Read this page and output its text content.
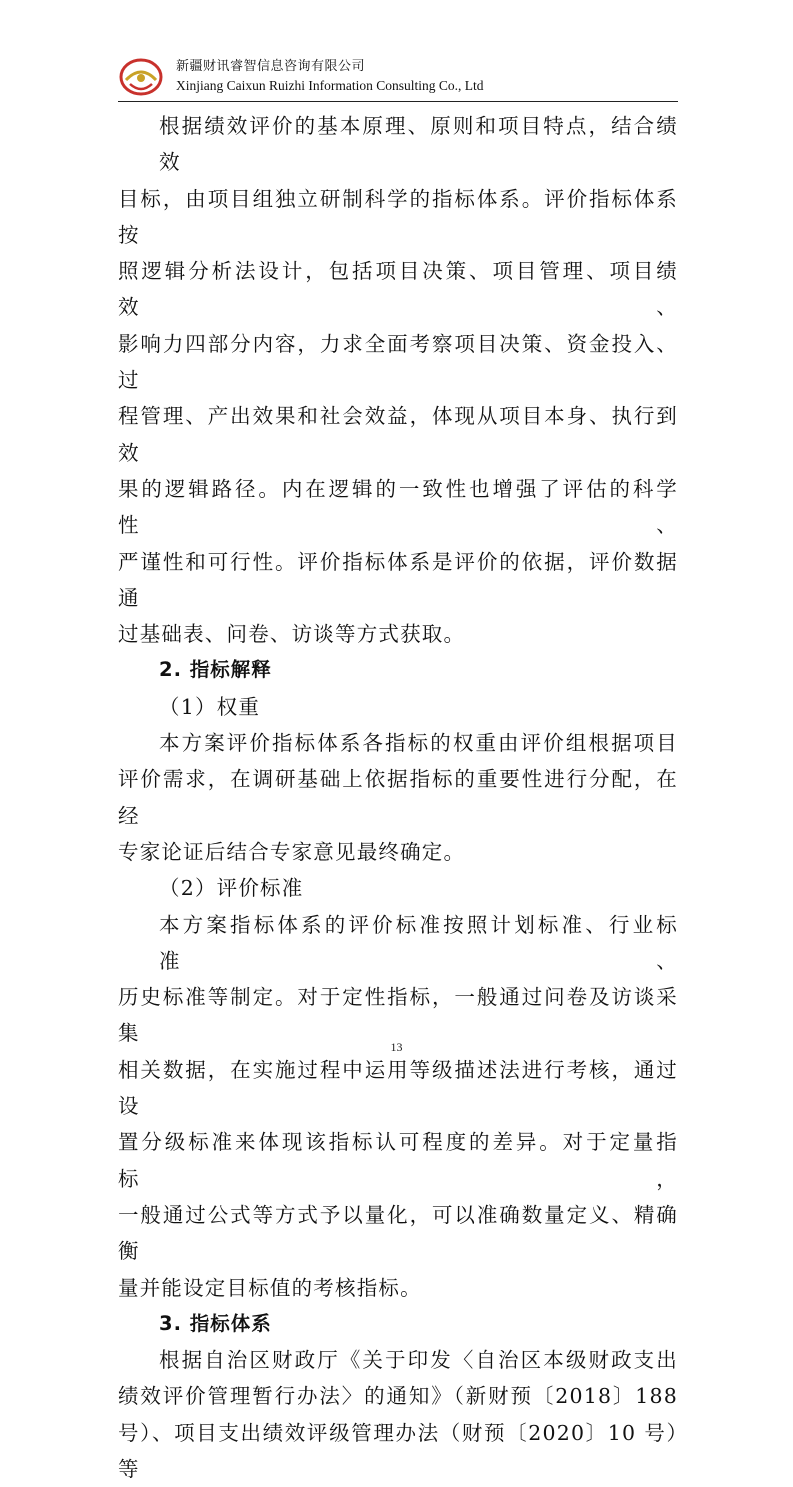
新疆财讯睿智信息咨询有限公司
Xinjiang Caixun Ruizhi Information Consulting Co., Ltd
根据绩效评价的基本原理、原则和项目特点，结合绩效
目标，由项目组独立研制科学的指标体系。评价指标体系按
照逻辑分析法设计，包括项目决策、项目管理、项目绩效、
影响力四部分内容，力求全面考察项目决策、资金投入、过
程管理、产出效果和社会效益，体现从项目本身、执行到效
果的逻辑路径。内在逻辑的一致性也增强了评估的科学性、
严谨性和可行性。评价指标体系是评价的依据，评价数据通
过基础表、问卷、访谈等方式获取。
2. 指标解释
（1）权重
本方案评价指标体系各指标的权重由评价组根据项目
评价需求，在调研基础上依据指标的重要性进行分配，在经
专家论证后结合专家意见最终确定。
（2）评价标准
本方案指标体系的评价标准按照计划标准、行业标准、
历史标准等制定。对于定性指标，一般通过问卷及访谈采集
相关数据，在实施过程中运用等级描述法进行考核，通过设
置分级标准来体现该指标认可程度的差异。对于定量指标，
一般通过公式等方式予以量化，可以准确数量定义、精确衡
量并能设定目标值的考核指标。
3. 指标体系
根据自治区财政厅《关于印发〈自治区本级财政支出
绩效评价管理暂行办法〉的通知》（新财预〔2018〕188
号）、项目支出绩效评级管理办法（财预〔2020〕10 号）等
13
